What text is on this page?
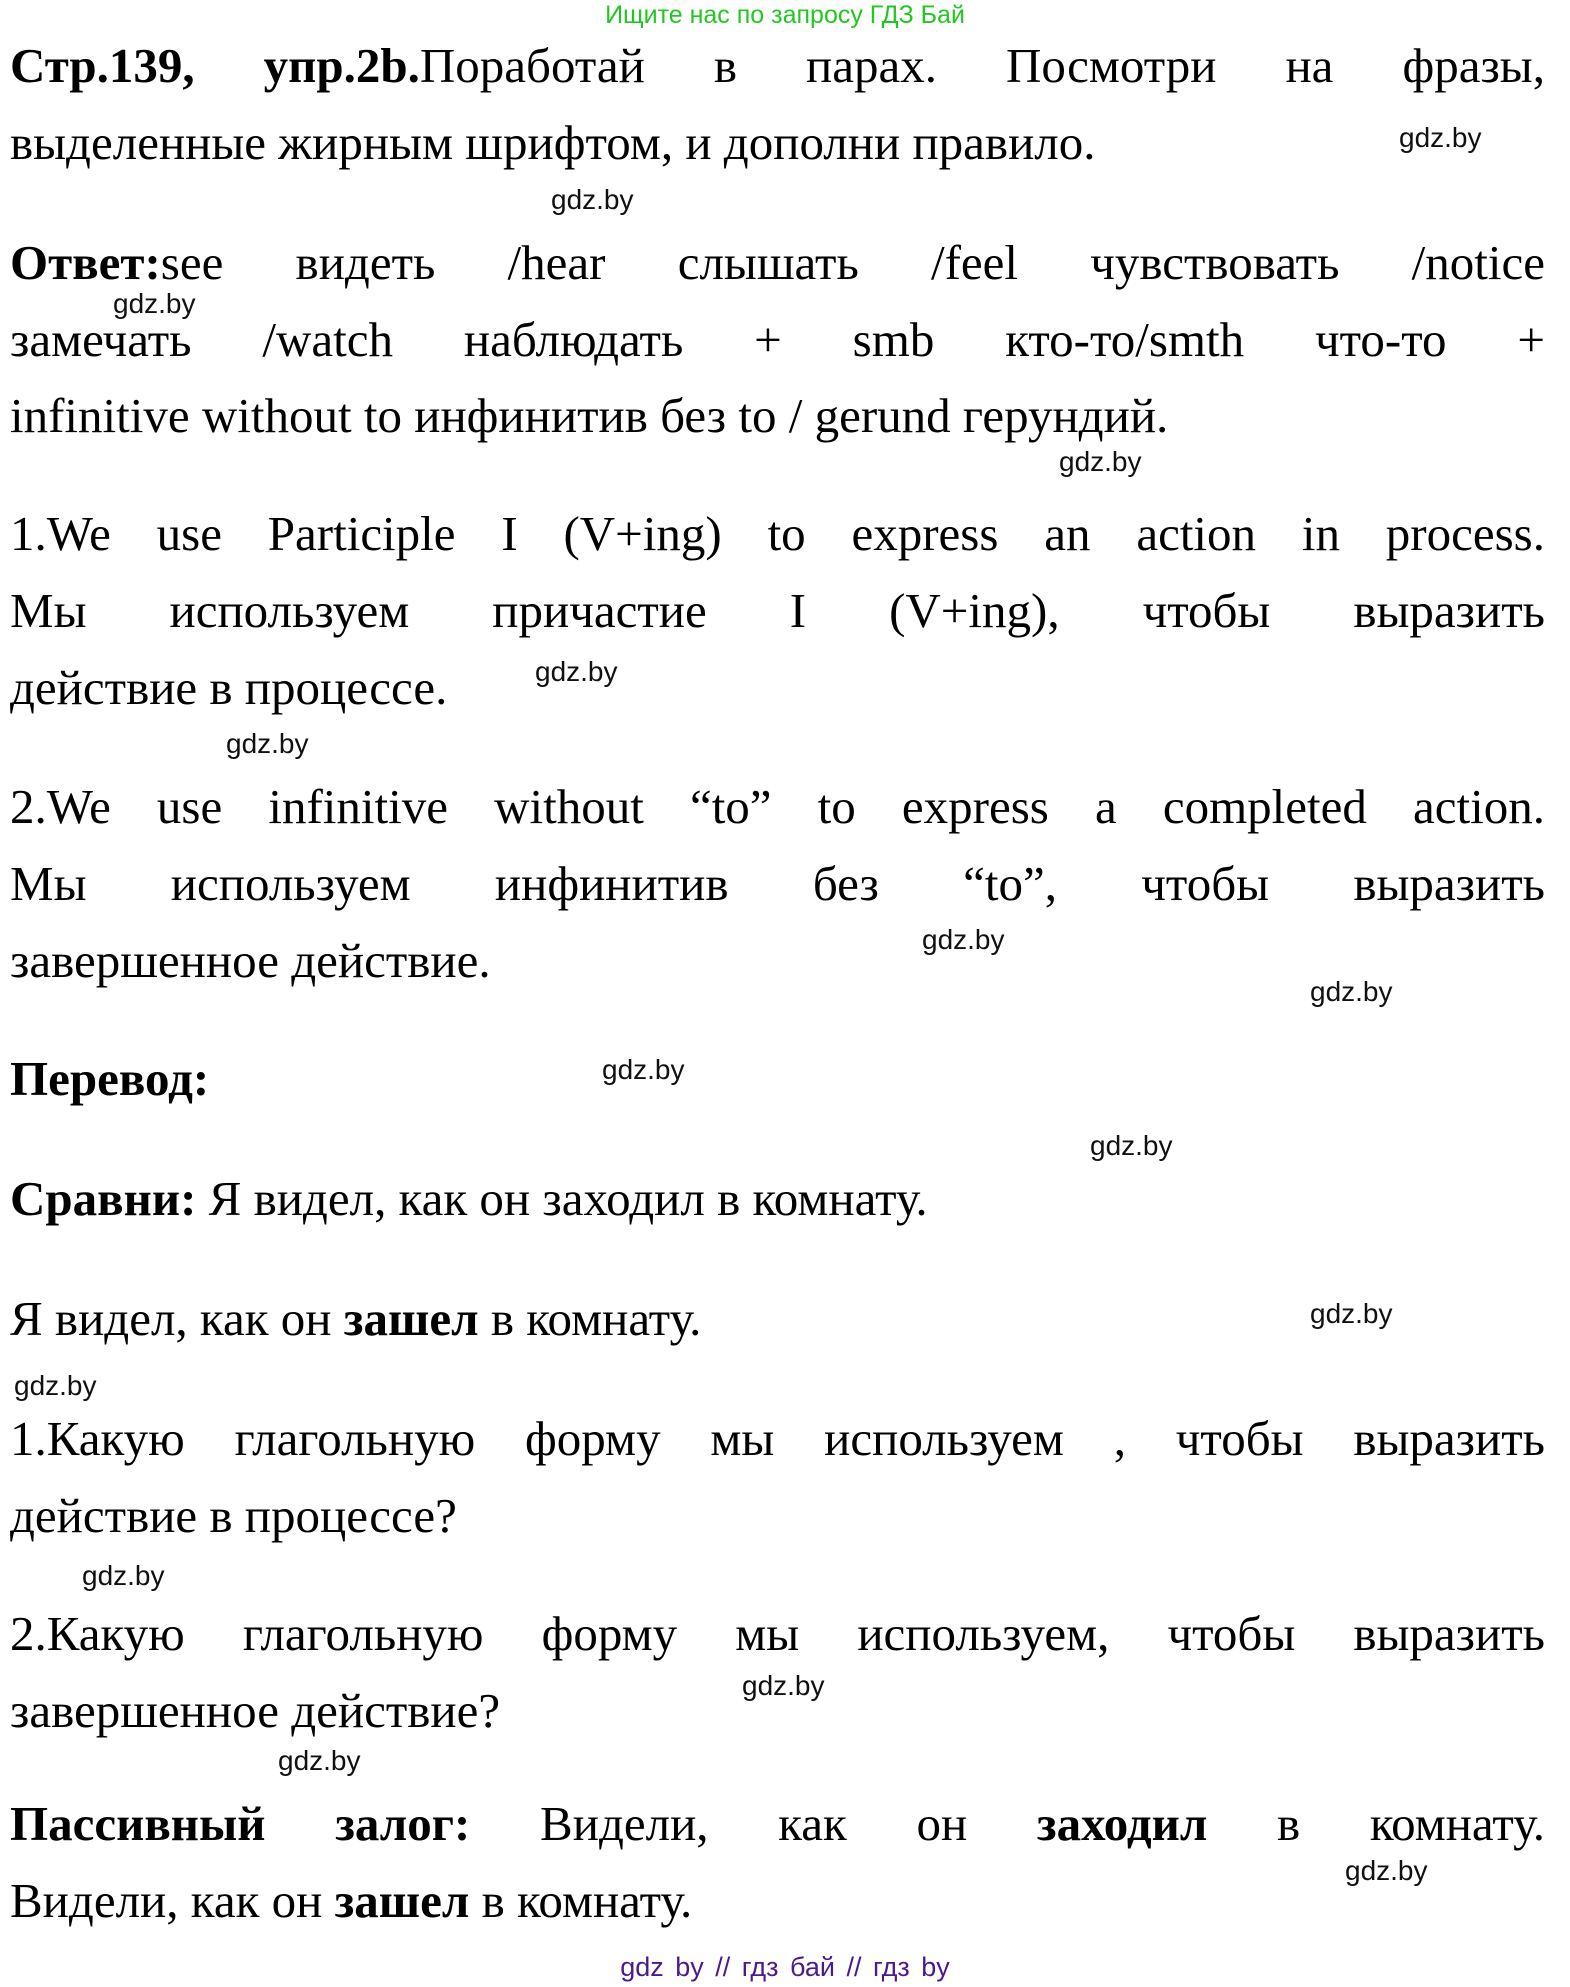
Ищите нас по запросу ГДЗ Бай
Стр.139, упр.2b.Поработай в парах. Посмотри на фразы,
выделенные жирным шрифтом, и дополни правило.
Ответ:see видеть /hear слышать /feel чувствовать /notice
замечать /watch наблюдать + smb кто-то/smth что-то +
infinitive without to инфинитив без to / gerund герундий.
1.We use Participle I (V+ing) to express an action in process.
Мы используем причастие I (V+ing), чтобы выразить
действие в процессе.
2.We use infinitive without “to” to express a completed action.
Мы используем инфинитив без “to”, чтобы выразить
завершенное действие.
Перевод:
Сравни: Я видел, как он заходил в комнату.
Я видел, как он зашел в комнату.
1.Какую глагольную форму мы используем , чтобы выразить
действие в процессе?
2.Какую глагольную форму мы используем, чтобы выразить
завершенное действие?
Пассивный залог: Видели, как он заходил в комнату.
Видели, как он зашел в комнату.
gdz.by
gdz.by
gdz.by
gdz.by
gdz.by
gdz.by
gdz.by
gdz.by
gdz.by
gdz.by
gdz.by
gdz.by
gdz.by
gdz.by
gdz.by
gdz.by
gdz by // гдз бай // гдз by
